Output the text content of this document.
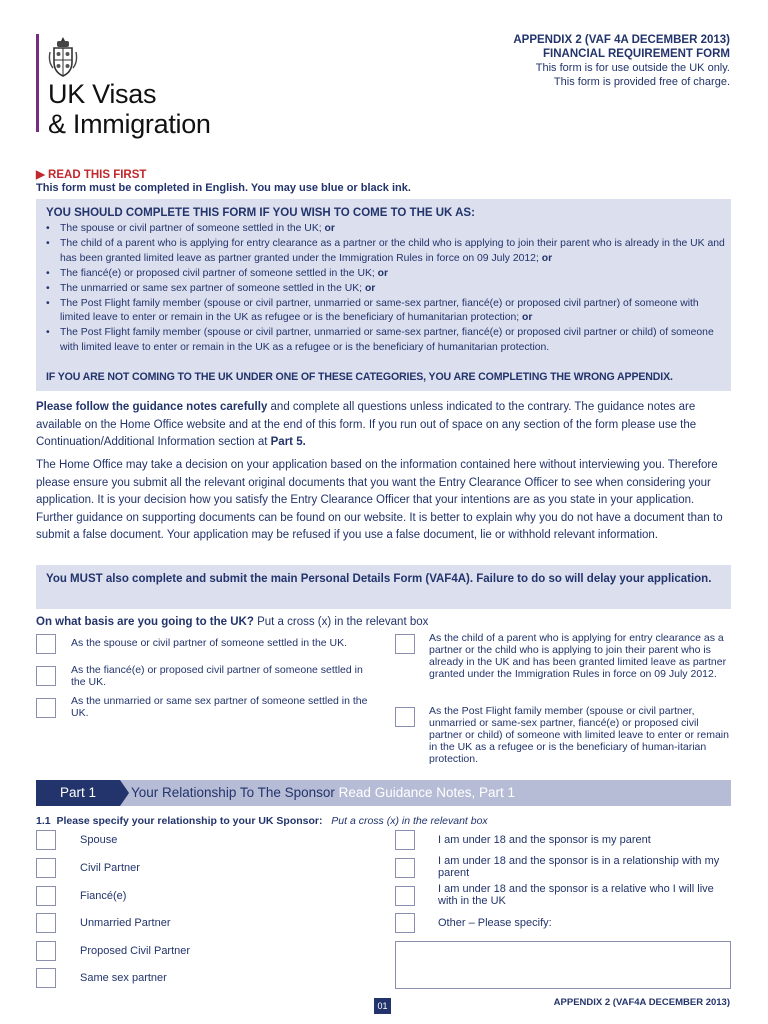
UK Visas
& Immigration
APPENDIX 2 (VAF 4A DECEMBER 2013)
FINANCIAL REQUIREMENT FORM
This form is for use outside the UK only.
This form is provided free of charge.
▶ READ THIS FIRST
This form must be completed in English. You may use blue or black ink.
YOU SHOULD COMPLETE THIS FORM IF YOU WISH TO COME TO THE UK AS:
• The spouse or civil partner of someone settled in the UK; or
• The child of a parent who is applying for entry clearance as a partner or the child who is applying to join their parent who is already in the UK and has been granted limited leave as partner granted under the Immigration Rules in force on 09 July 2012; or
• The fiancé(e) or proposed civil partner of someone settled in the UK; or
• The unmarried or same sex partner of someone settled in the UK; or
• The Post Flight family member (spouse or civil partner, unmarried or same-sex partner, fiancé(e) or proposed civil partner) of someone with limited leave to enter or remain in the UK as refugee or is the beneficiary of humanitarian protection; or
• The Post Flight family member (spouse or civil partner, unmarried or same-sex partner, fiancé(e) or proposed civil partner or child) of someone with limited leave to enter or remain in the UK as a refugee or is the beneficiary of humanitarian protection.
IF YOU ARE NOT COMING TO THE UK UNDER ONE OF THESE CATEGORIES, YOU ARE COMPLETING THE WRONG APPENDIX.
Please follow the guidance notes carefully and complete all questions unless indicated to the contrary. The guidance notes are available on the Home Office website and at the end of this form. If you run out of space on any section of the form please use the Continuation/Additional Information section at Part 5.
The Home Office may take a decision on your application based on the information contained here without interviewing you. Therefore please ensure you submit all the relevant original documents that you want the Entry Clearance Officer to see when considering your application. It is your decision how you satisfy the Entry Clearance Officer that your intentions are as you state in your application. Further guidance on supporting documents can be found on our website. It is better to explain why you do not have a document than to submit a false document. Your application may be refused if you use a false document, lie or withhold relevant information.
You MUST also complete and submit the main Personal Details Form (VAF4A). Failure to do so will delay your application.
On what basis are you going to the UK? Put a cross (x) in the relevant box
As the spouse or civil partner of someone settled in the UK.
As the fiancé(e) or proposed civil partner of someone settled in the UK.
As the unmarried or same sex partner of someone settled in the UK.
As the child of a parent who is applying for entry clearance as a partner or the child who is applying to join their parent who is already in the UK and has been granted limited leave as partner granted under the Immigration Rules in force on 09 July 2012.
As the Post Flight family member (spouse or civil partner, unmarried or same-sex partner, fiancé(e) or proposed civil partner or child) of someone with limited leave to enter or remain in the UK as a refugee or is the beneficiary of human-itarian protection.
Your Relationship To The Sponsor Read Guidance Notes, Part 1
Part 1
1.1 Please specify your relationship to your UK Sponsor: Put a cross (x) in the relevant box
Spouse
Civil Partner
Fiancé(e)
Unmarried Partner
Proposed Civil Partner
Same sex partner
I am under 18 and the sponsor is my parent
I am under 18 and the sponsor is in a relationship with my parent
I am under 18 and the sponsor is a relative who I will live with in the UK
Other – Please specify:
01	APPENDIX 2 (VAF4A DECEMBER 2013)
